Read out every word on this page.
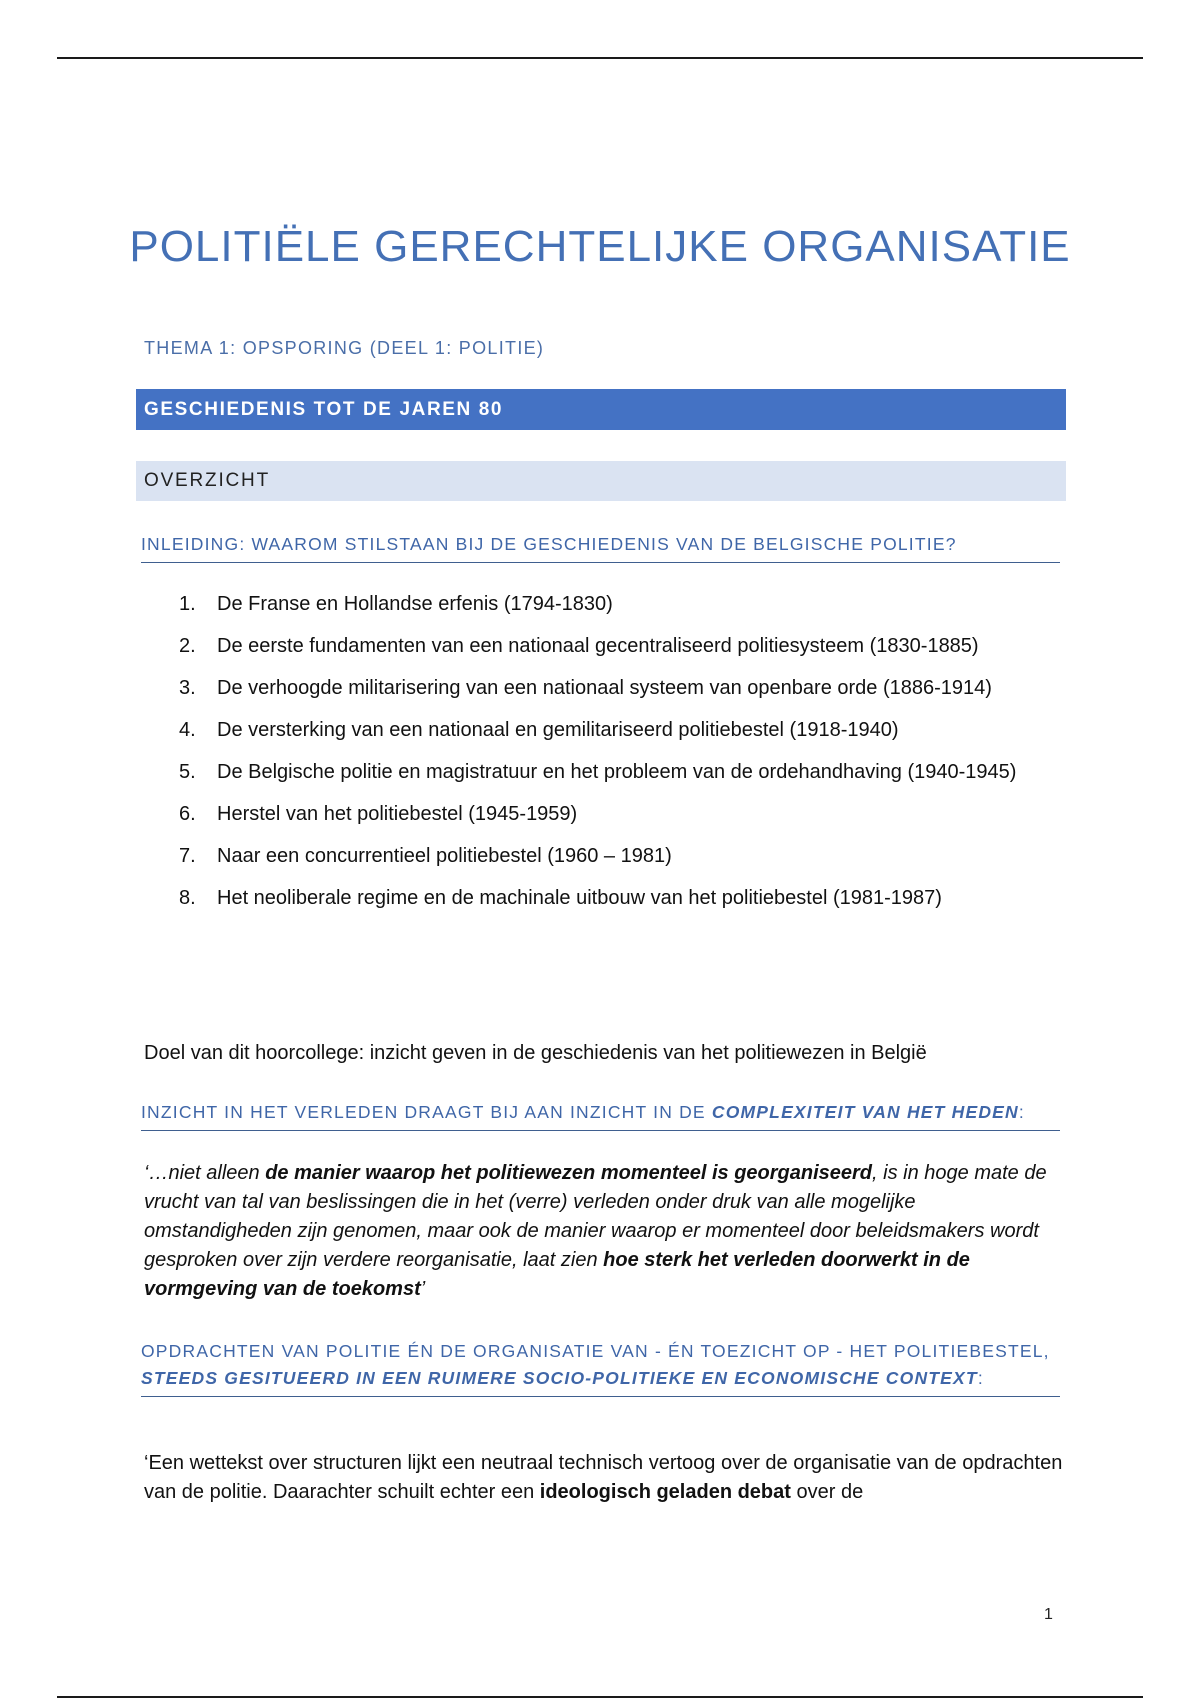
POLITIËLE GERECHTELIJKE ORGANISATIE
THEMA 1: OPSPORING (DEEL 1: POLITIE)
GESCHIEDENIS TOT DE JAREN 80
OVERZICHT
INLEIDING: WAAROM STILSTAAN BIJ DE GESCHIEDENIS VAN DE BELGISCHE POLITIE?
1. De Franse en Hollandse erfenis (1794-1830)
2. De eerste fundamenten van een nationaal gecentraliseerd politiesysteem (1830-1885)
3. De verhoogde militarisering van een nationaal systeem van openbare orde (1886-1914)
4. De versterking van een nationaal en gemilitariseerd politiebestel (1918-1940)
5. De Belgische politie en magistratuur en het probleem van de ordehandhaving (1940-1945)
6. Herstel van het politiebestel (1945-1959)
7. Naar een concurrentieel politiebestel (1960 – 1981)
8. Het neoliberale regime en de machinale uitbouw van het politiebestel (1981-1987)

Doel van dit hoorcollege: inzicht geven in de geschiedenis van het politiewezen in België

INZICHT IN HET VERLEDEN DRAAGT BIJ AAN INZICHT IN DE COMPLEXITEIT VAN HET HEDEN:

‘…niet alleen de manier waarop het politiewezen momenteel is georganiseerd, is in hoge mate de vrucht van tal van beslissingen die in het (verre) verleden onder druk van alle mogelijke omstandigheden zijn genomen, maar ook de manier waarop er momenteel door beleidsmakers wordt gesproken over zijn verdere reorganisatie, laat zien hoe sterk het verleden doorwerkt in de vormgeving van de toekomst’

OPDRACHTEN VAN POLITIE ÉN DE ORGANISATIE VAN - ÉN TOEZICHT OP - HET POLITIEBESTEL, STEEDS GESITUEERD IN EEN RUIMERE SOCIO-POLITIEKE EN ECONOMISCHE CONTEXT:

‘Een wettekst over structuren lijkt een neutraal technisch vertoog over de organisatie van de opdrachten van de politie. Daarachter schuilt echter een ideologisch geladen debat over de

1
